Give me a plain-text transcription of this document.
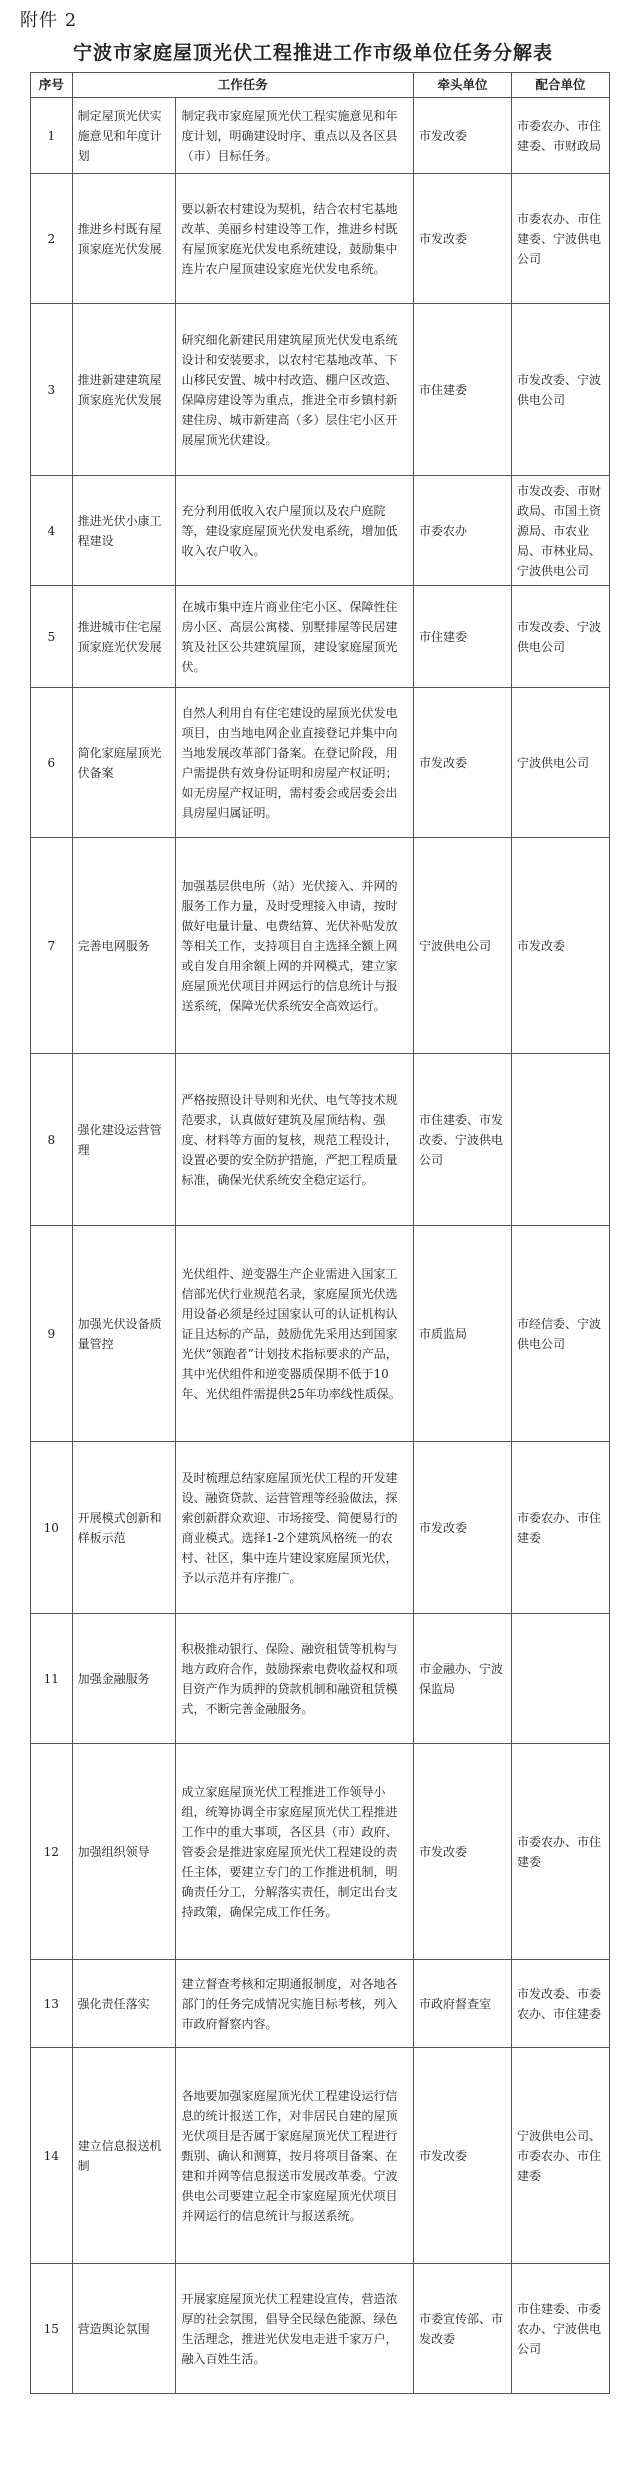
附件 2
宁波市家庭屋顶光伏工程推进工作市级单位任务分解表
序号	工作任务		牵头单位	配合单位
1	制定屋顶光伏实施意见和年度计划	制定我市家庭屋顶光伏工程实施意见和年度计划，明确建设时序、重点以及各区县（市）目标任务。	市发改委	市委农办、市住建委、市财政局
2	推进乡村既有屋顶家庭光伏发展	要以新农村建设为契机，结合农村宅基地改革、美丽乡村建设等工作，推进乡村既有屋顶家庭光伏发电系统建设，鼓励集中连片农户屋顶建设家庭光伏发电系统。	市发改委	市委农办、市住建委、宁波供电公司
3	推进新建建筑屋顶家庭光伏发展	研究细化新建民用建筑屋顶光伏发电系统设计和安装要求，以农村宅基地改革、下山移民安置、城中村改造、棚户区改造、保障房建设等为重点，推进全市乡镇村新建住房、城市新建高（多）层住宅小区开展屋顶光伏建设。	市住建委	市发改委、宁波供电公司
4	推进光伏小康工程建设	充分利用低收入农户屋顶以及农户庭院等，建设家庭屋顶光伏发电系统，增加低收入农户收入。	市委农办	市发改委、市财政局、市国土资源局、市农业局、市林业局、宁波供电公司
5	推进城市住宅屋顶家庭光伏发展	在城市集中连片商业住宅小区、保障性住房小区、高层公寓楼、别墅排屋等民居建筑及社区公共建筑屋顶，建设家庭屋顶光伏。	市住建委	市发改委、宁波供电公司
6	简化家庭屋顶光伏备案	自然人利用自有住宅建设的屋顶光伏发电项目，由当地电网企业直接登记并集中向当地发展改革部门备案。在登记阶段，用户需提供有效身份证明和房屋产权证明；如无房屋产权证明，需村委会或居委会出具房屋归属证明。	市发改委	宁波供电公司
7	完善电网服务	加强基层供电所（站）光伏接入、并网的服务工作力量，及时受理接入申请，按时做好电量计量、电费结算、光伏补贴发放等相关工作，支持项目自主选择全额上网或自发自用余额上网的并网模式，建立家庭屋顶光伏项目并网运行的信息统计与报送系统，保障光伏系统安全高效运行。	宁波供电公司	市发改委
8	强化建设运营管理	严格按照设计导则和光伏、电气等技术规范要求，认真做好建筑及屋顶结构、强度、材料等方面的复核，规范工程设计，设置必要的安全防护措施，严把工程质量标准，确保光伏系统安全稳定运行。	市住建委、市发改委、宁波供电公司	
9	加强光伏设备质量管控	光伏组件、逆变器生产企业需进入国家工信部光伏行业规范名录，家庭屋顶光伏选用设备必须是经过国家认可的认证机构认证且达标的产品，鼓励优先采用达到国家光伏“领跑者”计划技术指标要求的产品，其中光伏组件和逆变器质保期不低于10年、光伏组件需提供25年功率线性质保。	市质监局	市经信委、宁波供电公司
10	开展模式创新和样板示范	及时梳理总结家庭屋顶光伏工程的开发建设、融资贷款、运营管理等经验做法，探索创新群众欢迎、市场接受、简便易行的商业模式。选择1-2个建筑风格统一的农村、社区，集中连片建设家庭屋顶光伏，予以示范并有序推广。	市发改委	市委农办、市住建委
11	加强金融服务	积极推动银行、保险、融资租赁等机构与地方政府合作，鼓励探索电费收益权和项目资产作为质押的贷款机制和融资租赁模式，不断完善金融服务。	市金融办、宁波保监局	
12	加强组织领导	成立家庭屋顶光伏工程推进工作领导小组，统筹协调全市家庭屋顶光伏工程推进工作中的重大事项，各区县（市）政府、管委会是推进家庭屋顶光伏工程建设的责任主体，要建立专门的工作推进机制，明确责任分工，分解落实责任，制定出台支持政策，确保完成工作任务。	市发改委	市委农办、市住建委
13	强化责任落实	建立督查考核和定期通报制度，对各地各部门的任务完成情况实施目标考核，列入市政府督察内容。	市政府督查室	市发改委、市委农办、市住建委
14	建立信息报送机制	各地要加强家庭屋顶光伏工程建设运行信息的统计报送工作，对非居民自建的屋顶光伏项目是否属于家庭屋顶光伏工程进行甄别、确认和测算，按月将项目备案、在建和并网等信息报送市发展改革委。宁波供电公司要建立起全市家庭屋顶光伏项目并网运行的信息统计与报送系统。	市发改委	宁波供电公司、市委农办、市住建委
15	营造舆论氛围	开展家庭屋顶光伏工程建设宣传，营造浓厚的社会氛围，倡导全民绿色能源、绿色生活理念，推进光伏发电走进千家万户，融入百姓生活。	市委宣传部、市发改委	市住建委、市委农办、宁波供电公司
